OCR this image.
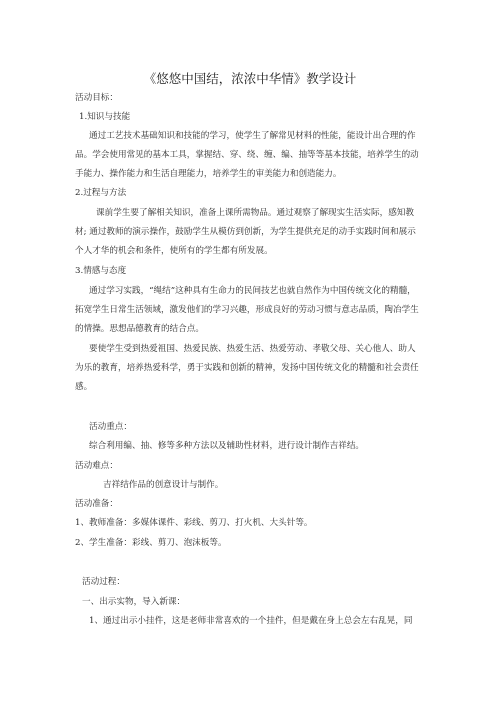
《悠悠中国结，浓浓中华情》教学设计
活动目标：
1.知识与技能
通过工艺技术基础知识和技能的学习，使学生了解常见材料的性能，能设计出合理的作
品。学会使用常见的基本工具，掌握结、穿、绕、缠、编、抽等等基本技能，培养学生的动
手能力、操作能力和生活自理能力，培养学生的审美能力和创造能力。
2.过程与方法
课前学生要了解相关知识，准备上课所需物品。通过观察了解现实生活实际，感知教
材; 通过教师的演示操作，鼓励学生从模仿到创新，为学生提供充足的动手实践时间和展示
个人才华的机会和条件，使所有的学生都有所发展。
3.情感与态度
通过学习实践，“绳结”这种具有生命力的民间技艺也就自然作为中国传统文化的精髓，
拓宽学生日常生活领域，激发他们的学习兴趣，形成良好的劳动习惯与意志品质，陶冶学生
的情操。思想品德教育的结合点。
要使学生受到热爱祖国、热爱民族、热爱生活、热爱劳动、孝敬父母、关心他人、助人
为乐的教育，培养热爱科学，勇于实践和创新的精神，发扬中国传统文化的精髓和社会责任
感。
活动重点：
综合利用编、抽、修等多种方法以及辅助性材料，进行设计制作吉祥结。
活动难点：
吉祥结作品的创意设计与制作。
活动准备：
1、教师准备：多媒体课件、彩线、剪刀、打火机、大头针等。
2、学生准备：彩线、剪刀、泡沫板等。
活动过程：
一、出示实物，导入新课：
1、通过出示小挂件，这是老师非常喜欢的一个挂件，但是戴在身上总会左右乱晃，同
